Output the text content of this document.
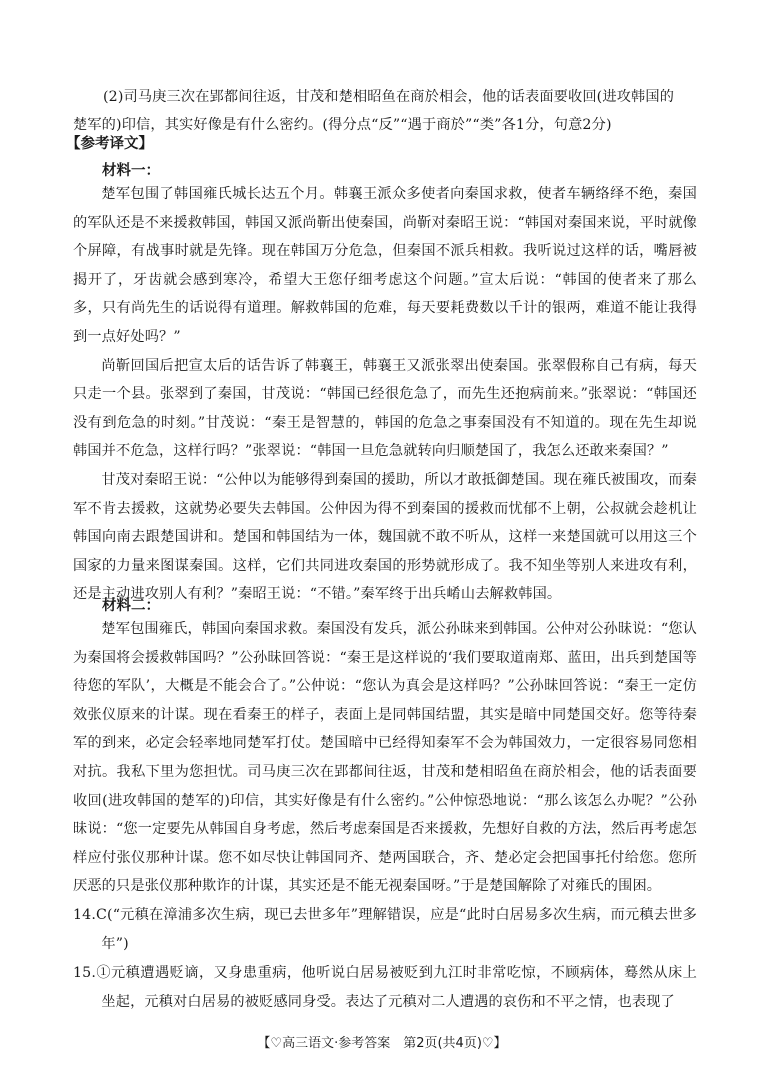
(2)司马庚三次在郢都间往返，甘茂和楚相昭鱼在商於相会，他的话表面要收回(进攻韩国的

楚军的)印信，其实好像是有什么密约。(得分点“反”“遇于商於”“类”各1分，句意2分)

【参考译文】
材料一：

楚军包围了韩国雍氏城长达五个月。韩襄王派众多使者向秦国求救，使者车辆络绎不绝，秦国的军队还是不来援救韩国，韩国又派尚靳出使秦国，尚靳对秦昭王说：“韩国对秦国来说，平时就像个屏障，有战事时就是先锋。现在韩国万分危急，但秦国不派兵相救。我听说过这样的话，嘴唇被揭开了，牙齿就会感到寒冷，希望大王您仔细考虑这个问题。”宣太后说：“韩国的使者来了那么多，只有尚先生的话说得有道理。解救韩国的危难，每天要耗费数以千计的银两，难道不能让我得到一点好处吗？”

尚靳回国后把宣太后的话告诉了韩襄王，韩襄王又派张翠出使秦国。张翠假称自己有病，每天只走一个县。张翠到了秦国，甘茂说：“韩国已经很危急了，而先生还抱病前来。”张翠说：“韩国还没有到危急的时刻。”甘茂说：“秦王是智慧的，韩国的危急之事秦国没有不知道的。现在先生却说韩国并不危急，这样行吗？”张翠说：“韩国一旦危急就转向归顺楚国了，我怎么还敢来秦国？”

甘茂对秦昭王说：“公仲以为能够得到秦国的援助，所以才敢抵御楚国。现在雍氏被围攻，而秦军不肯去援救，这就势必要失去韩国。公仲因为得不到秦国的援救而忧郁不上朝，公叔就会趁机让韩国向南去跟楚国讲和。楚国和韩国结为一体，魏国就不敢不听从，这样一来楚国就可以用这三个国家的力量来图谋秦国。这样，它们共同进攻秦国的形势就形成了。我不知坐等别人来进攻有利，还是主动进攻别人有利？”秦昭王说：“不错。”秦军终于出兵崤山去解救韩国。

材料二：

楚军包围雍氏，韩国向秦国求救。秦国没有发兵，派公孙昧来到韩国。公仲对公孙昧说：“您认为秦国将会援救韩国吗？”公孙昧回答说：“秦王是这样说的‘我们要取道南郑、蓝田，出兵到楚国等待您的军队’，大概是不能会合了。”公仲说：“您认为真会是这样吗？”公孙昧回答说：“秦王一定仿效张仪原来的计谋。现在看秦王的样子，表面上是同韩国结盟，其实是暗中同楚国交好。您等待秦军的到来，必定会轻率地同楚军打仗。楚国暗中已经得知秦军不会为韩国效力，一定很容易同您相对抗。我私下里为您担忧。司马庚三次在郢都间往返，甘茂和楚相昭鱼在商於相会，他的话表面要收回(进攻韩国的楚军的)印信，其实好像是有什么密约。”公仲惊恐地说：“那么该怎么办呢？”公孙昧说：“您一定要先从韩国自身考虑，然后考虑秦国是否来援救，先想好自救的方法，然后再考虑怎样应付张仪那种计谋。您不如尽快让韩国同齐、楚两国联合，齐、楚必定会把国事托付给您。您所厌恶的只是张仪那种欺诈的计谋，其实还是不能无视秦国呀。”于是楚国解除了对雍氏的围困。

14.C(“元稹在漳浦多次生病，现已去世多年”理解错误，应是“此时白居易多次生病，而元稹去世多年”)

15.①元稹遭遇贬谪，又身患重病，他听说白居易被贬到九江时非常吃惊，不顾病体，蓦然从床上坐起，元稹对白居易的被贬感同身受。表达了元稹对二人遭遇的哀伤和不平之情，也表现了

【♡高三语文·参考答案　第2页(共4页)♡】
